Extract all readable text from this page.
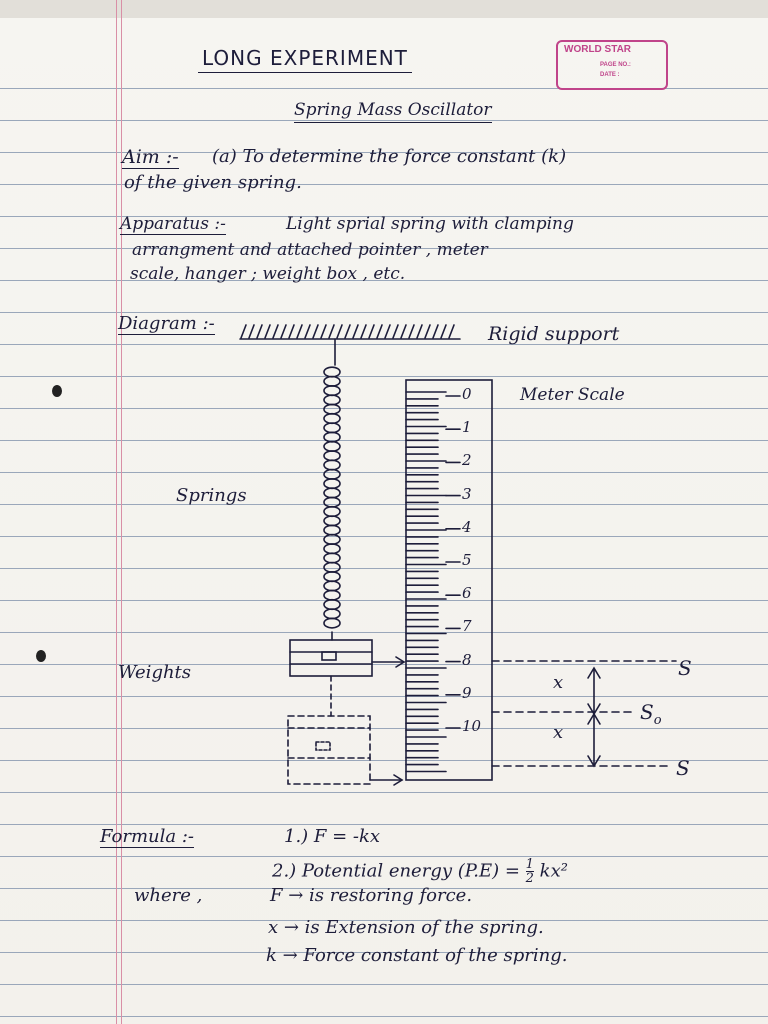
WORLD STAR
PAGE NO.:
DATE :
LONG EXPERIMENT
Spring Mass Oscillator
Aim :- (a) To determine the force constant (k)
of the given spring.
Apparatus :-	Light sprial spring with clamping
arrangment and attached pointer , meter
scale, hanger ; weight box , etc.
Diagram :-	Rigid support
Meter Scale
Springs
Weights
0
1
2
3
4
5
6
7
8
9
10
x
x
S
$S_o$
S
Formula :-	1.) F = -kx
2.) Potential energy $(P.E) = \frac{1}{2} kx^2$
where ,	F → is restoring force.
x → is Extension of the spring.
k → Force constant of the spring.
